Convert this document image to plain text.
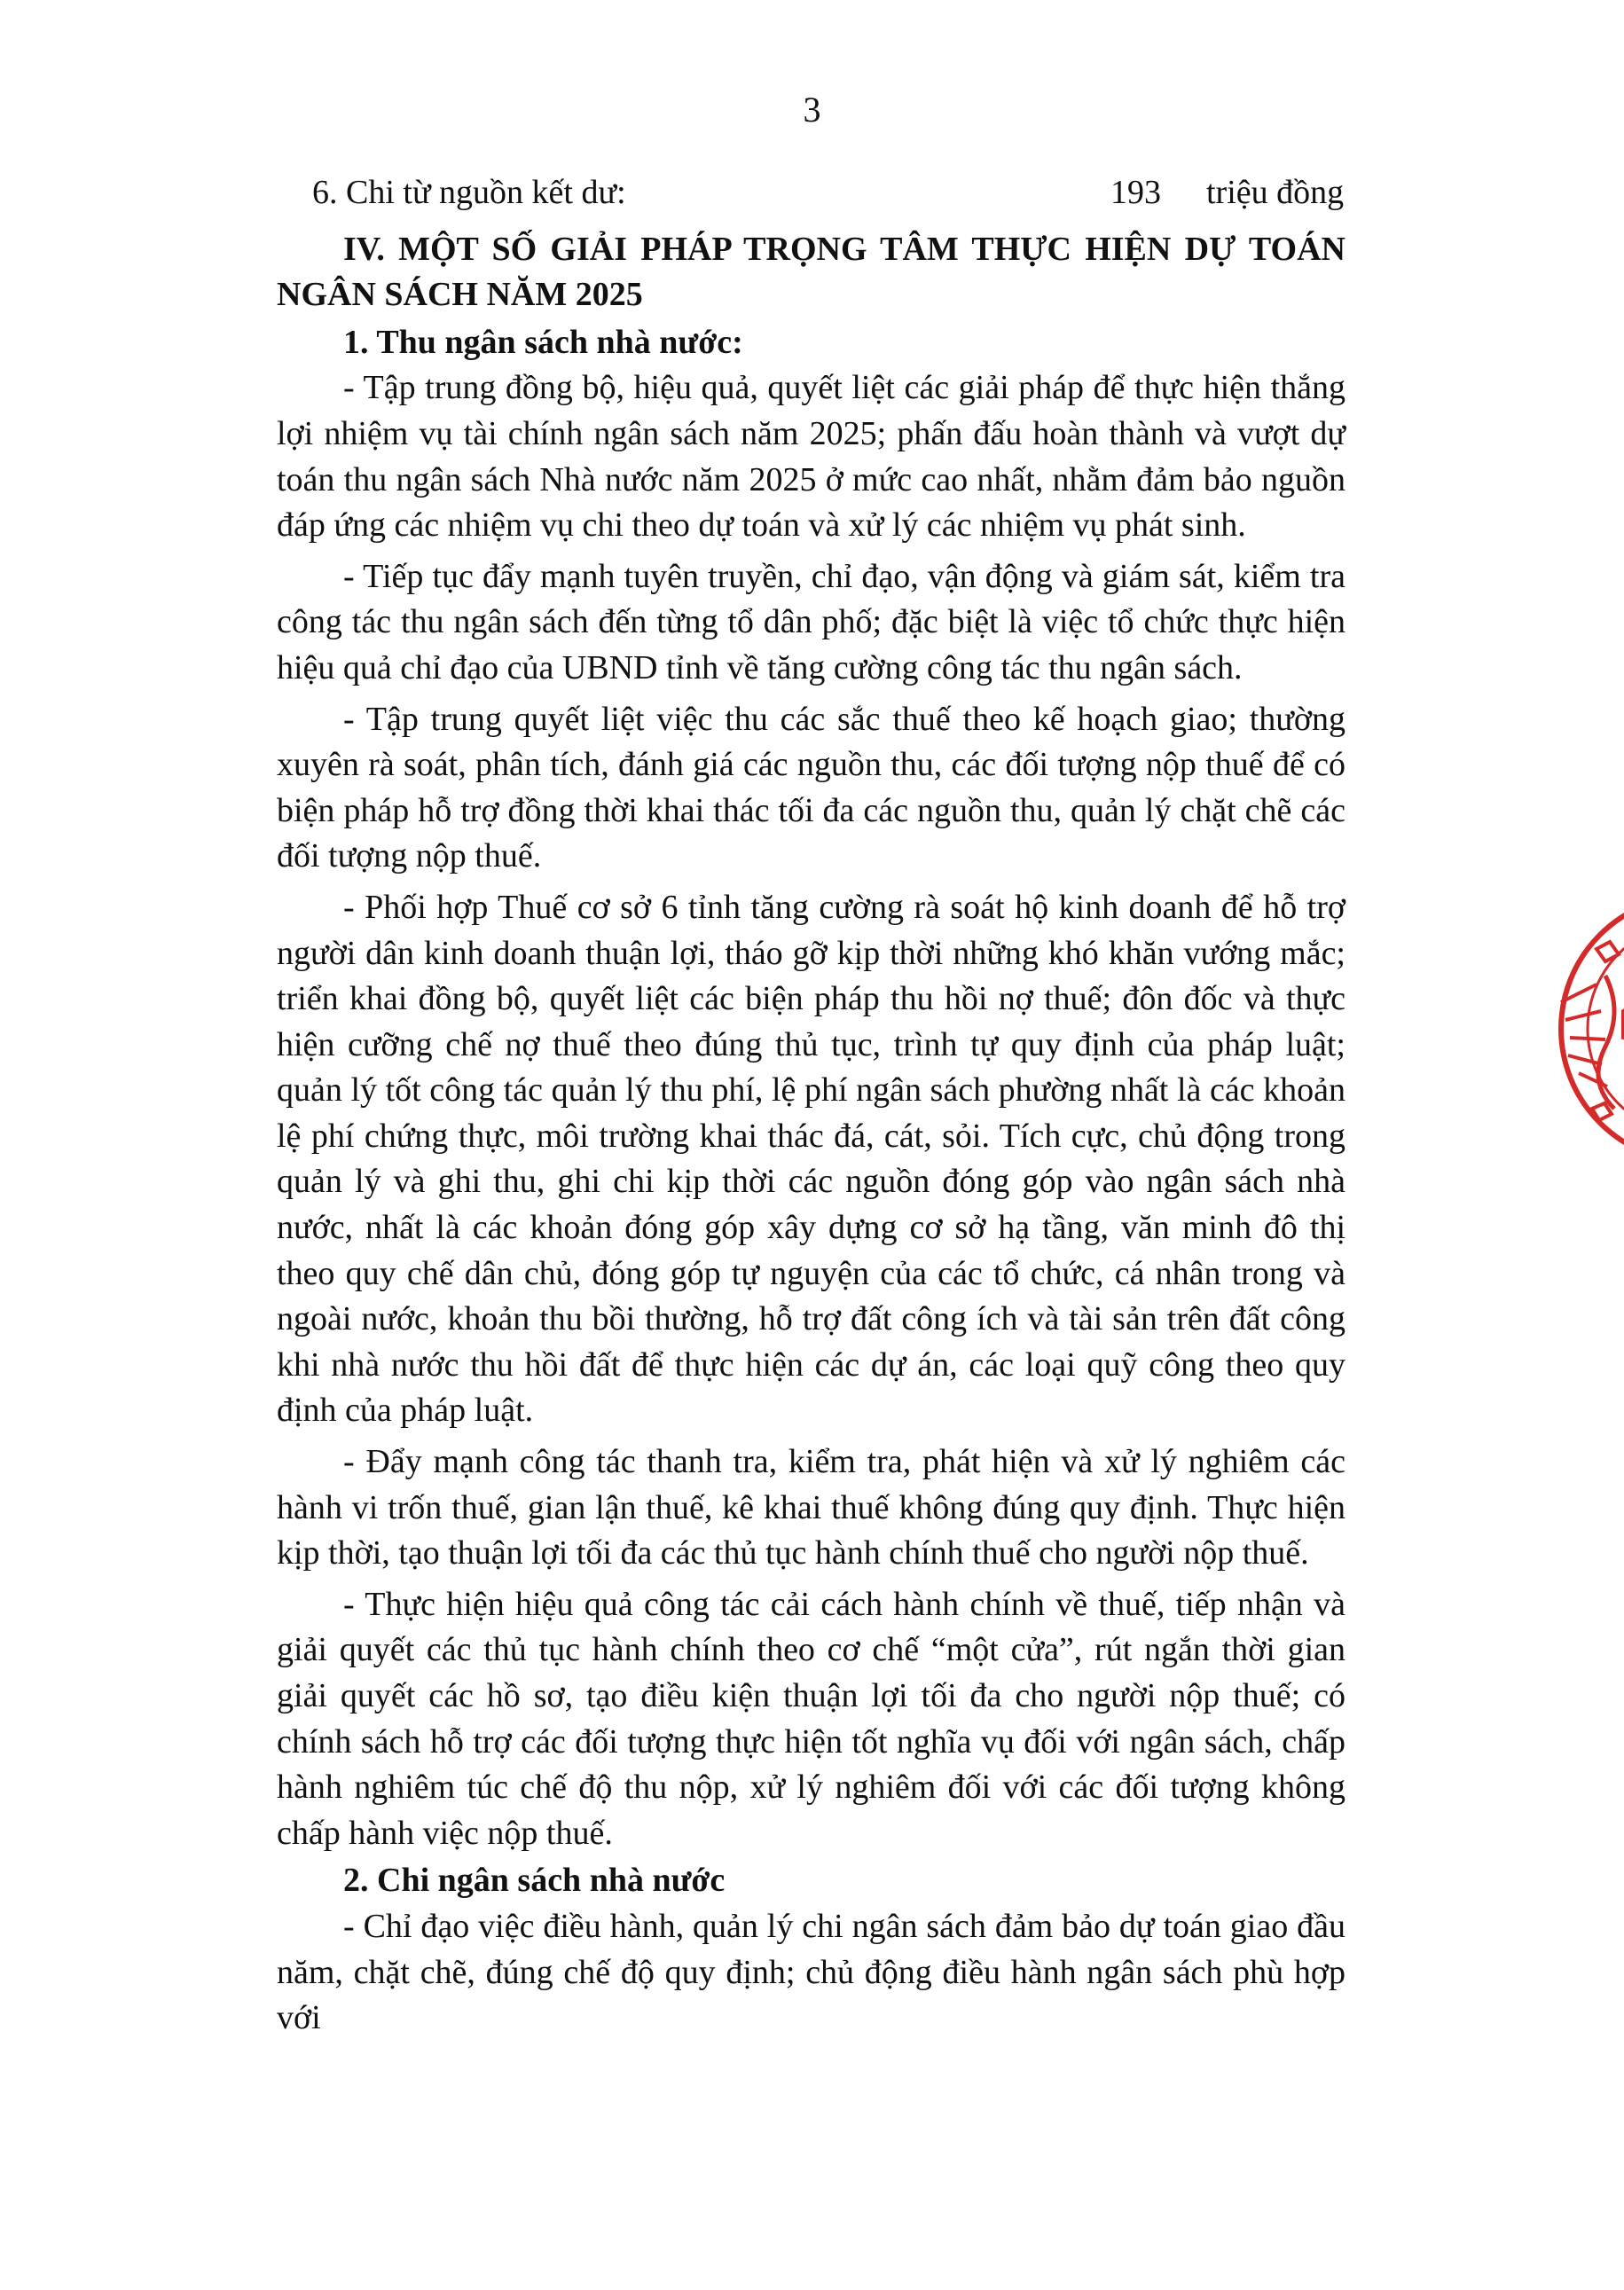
3
6. Chi từ nguồn kết dư:	193	triệu đồng

IV. MỘT SỐ GIẢI PHÁP TRỌNG TÂM THỰC HIỆN DỰ TOÁN NGÂN SÁCH NĂM 2025

1. Thu ngân sách nhà nước:

- Tập trung đồng bộ, hiệu quả, quyết liệt các giải pháp để thực hiện thắng lợi nhiệm vụ tài chính ngân sách năm 2025; phấn đấu hoàn thành và vượt dự toán thu ngân sách Nhà nước năm 2025 ở mức cao nhất, nhằm đảm bảo nguồn đáp ứng các nhiệm vụ chi theo dự toán và xử lý các nhiệm vụ phát sinh.

- Tiếp tục đẩy mạnh tuyên truyền, chỉ đạo, vận động và giám sát, kiểm tra công tác thu ngân sách đến từng tổ dân phố; đặc biệt là việc tổ chức thực hiện hiệu quả chỉ đạo của UBND tỉnh về tăng cường công tác thu ngân sách.

- Tập trung quyết liệt việc thu các sắc thuế theo kế hoạch giao; thường xuyên rà soát, phân tích, đánh giá các nguồn thu, các đối tượng nộp thuế để có biện pháp hỗ trợ đồng thời khai thác tối đa các nguồn thu, quản lý chặt chẽ các đối tượng nộp thuế.

- Phối hợp Thuế cơ sở 6 tỉnh tăng cường rà soát hộ kinh doanh để hỗ trợ người dân kinh doanh thuận lợi, tháo gỡ kịp thời những khó khăn vướng mắc; triển khai đồng bộ, quyết liệt các biện pháp thu hồi nợ thuế; đôn đốc và thực hiện cưỡng chế nợ thuế theo đúng thủ tục, trình tự quy định của pháp luật; quản lý tốt công tác quản lý thu phí, lệ phí ngân sách phường nhất là các khoản lệ phí chứng thực, môi trường khai thác đá, cát, sỏi. Tích cực, chủ động trong quản lý và ghi thu, ghi chi kịp thời các nguồn đóng góp vào ngân sách nhà nước, nhất là các khoản đóng góp xây dựng cơ sở hạ tầng, văn minh đô thị theo quy chế dân chủ, đóng góp tự nguyện của các tổ chức, cá nhân trong và ngoài nước, khoản thu bồi thường, hỗ trợ đất công ích và tài sản trên đất công khi nhà nước thu hồi đất để thực hiện các dự án, các loại quỹ công theo quy định của pháp luật.

- Đẩy mạnh công tác thanh tra, kiểm tra, phát hiện và xử lý nghiêm các hành vi trốn thuế, gian lận thuế, kê khai thuế không đúng quy định. Thực hiện kịp thời, tạo thuận lợi tối đa các thủ tục hành chính thuế cho người nộp thuế.

- Thực hiện hiệu quả công tác cải cách hành chính về thuế, tiếp nhận và giải quyết các thủ tục hành chính theo cơ chế “một cửa”, rút ngắn thời gian giải quyết các hồ sơ, tạo điều kiện thuận lợi tối đa cho người nộp thuế; có chính sách hỗ trợ các đối tượng thực hiện tốt nghĩa vụ đối với ngân sách, chấp hành nghiêm túc chế độ thu nộp, xử lý nghiêm đối với các đối tượng không chấp hành việc nộp thuế.

2. Chi ngân sách nhà nước

- Chỉ đạo việc điều hành, quản lý chi ngân sách đảm bảo dự toán giao đầu năm, chặt chẽ, đúng chế độ quy định; chủ động điều hành ngân sách phù hợp với
